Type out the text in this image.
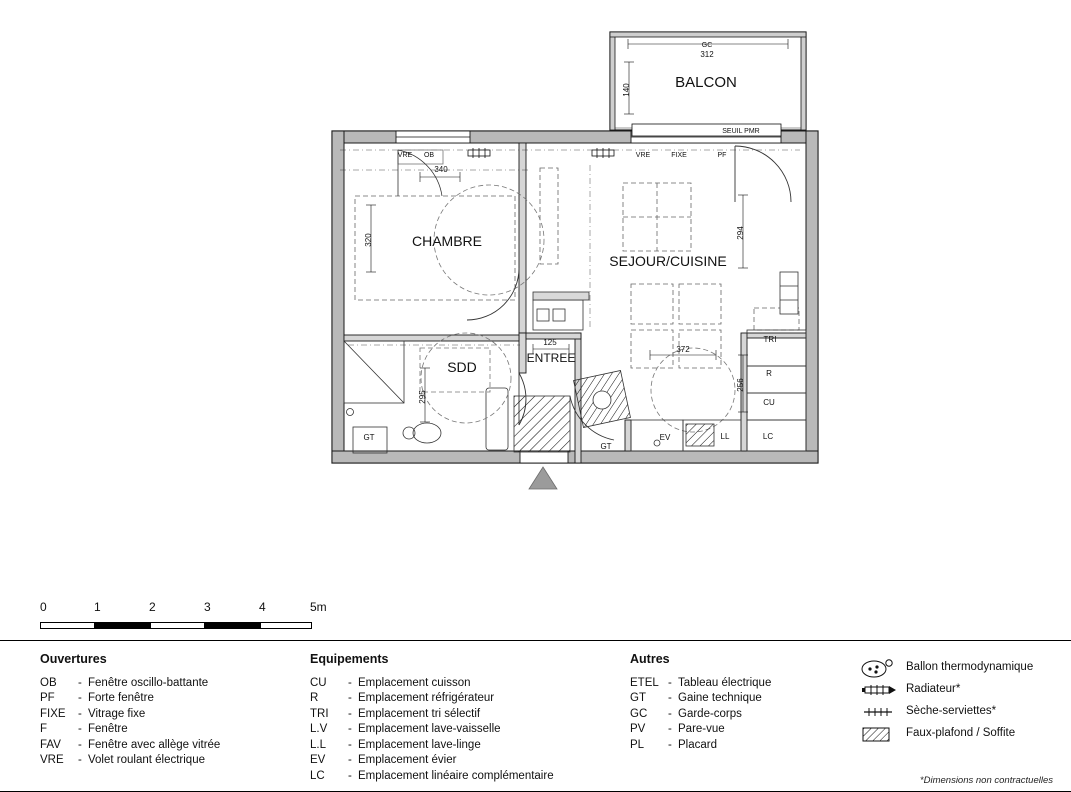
BALCON
CHAMBRE
SEJOUR/CUISINE
SDD
ENTREE
312
140
340
320
294
125
295
372
256
GC
SEUIL PMR
OB
VRE	VRE	FIXE	PF
TRI
R
CU
LC
LL
EV
GT
GT
0	1	2	3	4	5m
Ouvertures
OB	- Fenêtre oscillo-battante
PF	- Forte fenêtre
FIXE	- Vitrage fixe
F	- Fenêtre
FAV	- Fenêtre avec allège vitrée
VRE	- Volet roulant électrique
Equipements
CU	- Emplacement cuisson
R	- Emplacement réfrigérateur
TRI	- Emplacement tri sélectif
L.V	- Emplacement lave-vaisselle
L.L	- Emplacement lave-linge
EV	- Emplacement évier
LC	- Emplacement linéaire complémentaire
Autres
ETEL - Tableau électrique
GT	- Gaine technique
GC	- Garde-corps
PV	- Pare-vue
PL	- Placard
Ballon thermodynamique
Radiateur*
Sèche-serviettes*
Faux-plafond / Soffite
*Dimensions non contractuelles
